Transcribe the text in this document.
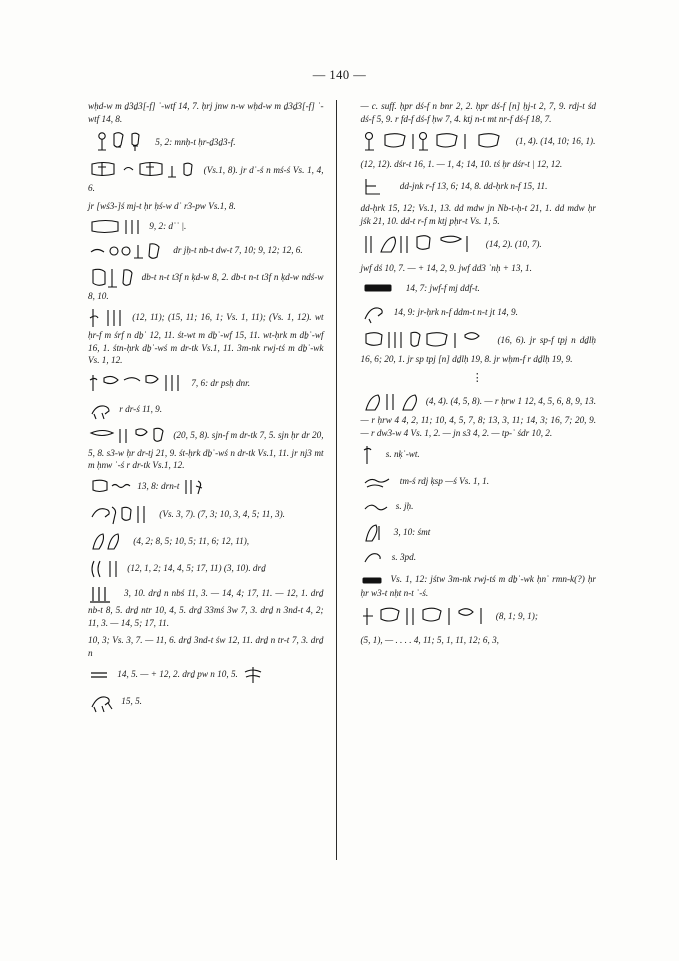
— 140 —
wḥd-w m ḏ3ḏ3[-f] ʿ-wtf 14, 7. ḥrj jnw n-w wḥd-w m ḏ3ḏ3[-f] ʿ-wtf 14, 8.
5, 2: mnḥ-t ḥr-ḏ3ḏ3-f.
(Vs.1, 8). jr dʿ-ś n mś-ś Vs. 1, 4, 6.
jr [wś3-]ś mj-t ḥr ḥś-w dʿ r3-pw Vs.1, 8.
9, 2: dʿʿ |.
dr jḥ-t nb-t dw-t 7, 10; 9, 12; 12, 6.
db-t n-t t3f n ḳd-w 8, 2. db-t n-t t3f n ḳd-w ndś-w 8, 10.
(12, 11); (15, 11; 16, 1; Vs. 1, 11); (Vs. 1, 12). wt ḥr-f m śrf n dḇʿ 12, 11. śt-wt m dḇʿ-wf 15, 11. wt-ḥrk m dḇʿ-wf 16, 1. śtn-ḥrk dḇʿ-wś m dr-tk Vs.1, 11. 3m-nk rwj-tś m dḇʿ-wk Vs. 1, 12.
7, 6: dr psḥ dnr.
r dr-ś 11, 9.
(20, 5, 8). sjn-f m dr-tk 7, 5. sjn ḥr dr 20, 5, 8. s3-w ḥr dr-tj 21, 9. śt-ḥrk dḇʿ-wś n dr-tk Vs.1, 11. jr nj3 mt m ḥnw ʿ-ś r dr-tk Vs.1, 12.
13, 8: drn-t
(Vs. 3, 7). (7, 3; 10, 3, 4, 5; 11, 3).
(4, 2; 8, 5; 10, 5; 11, 6; 12, 11),
(12, 1, 2; 14, 4, 5; 17, 11) (3, 10). drḏ
3, 10. drḏ n nbś 11, 3. — 14, 4; 17, 11. — 12, 1. drḏ nb-t 8, 5. drḏ ntr 10, 4, 5. drḏ 33mś 3w 7, 3. drḏ n 3nd-t 4, 2; 11, 3. — 14, 5; 17, 11.
10, 3; Vs. 3, 7. — 11, 6. drḏ 3nd-t św 12, 11. drḏ n tr-t 7, 3. drḏ n
14, 5. — + 12, 2. drḏ pw n 10, 5.
15, 5.
— c. suff. ḥpr dś-f n bnr 2, 2. ḥpr dś-f [n] ḥj-t 2, 7, 9. rdj-t śd dś-f 5, 9. r fd-f dś-f ḥw 7, 4. ktj n-t mt nr-f dś-f 18, 7.
(1, 4). (14, 10; 16, 1).
(12, 12). dśr-t 16, 1. — 1, 4; 14, 10. tś ḥr dśr-t | 12, 12.
dd-jnk r-f 13, 6; 14, 8. dd-ḥrk n-f 15, 11.
dd-ḥrk 15, 12; Vs.1, 13. dd mdw jn Nb-t-ḥ-t 21, 1. dd mdw ḥr jśk 21, 10. dd-t r-f m ktj pḥr-t Vs. 1, 5.
(14, 2). (10, 7).
jwf dś 10, 7. — + 14, 2, 9. jwf dd3 ʿnḥ + 13, 1.
14, 7: jwf-f mj ddf-t.
14, 9: jr-ḥrk n-f ddm-t n-t jt 14, 9.
(16, 6). jr sp-f tpj n dḏlḥ 16, 6; 20, 1. jr sp tpj [n] dḏlḥ 19, 8. jr wḥm-f r dḏlḥ 19, 9.
⋮
(4, 4). (4, 5, 8). — r ḥrw 1 12, 4, 5, 6, 8, 9, 13. — r ḥrw 4 4, 2, 11; 10, 4, 5, 7, 8; 13, 3, 11; 14, 3; 16, 7; 20, 9. — r dw3-w 4 Vs. 1, 2. — jn s3 4, 2. — tp-ʿ śdr 10, 2.
s. nḳʿ-wt.
tm-ś rdj ḳsp —ś Vs. 1, 1.
s. jḥ.
3, 10: śmt
s. 3pd.
Vs. 1, 12: jśtw 3m-nk rwj-tś m dḇʿ-wk ḥnʿ rmn-k(?) ḥr ḥr w3-t nḥt n-t ʿ-ś.
(8, 1; 9, 1);
(5, 1), — . . . . 4, 11; 5, 1, 11, 12; 6, 3,
